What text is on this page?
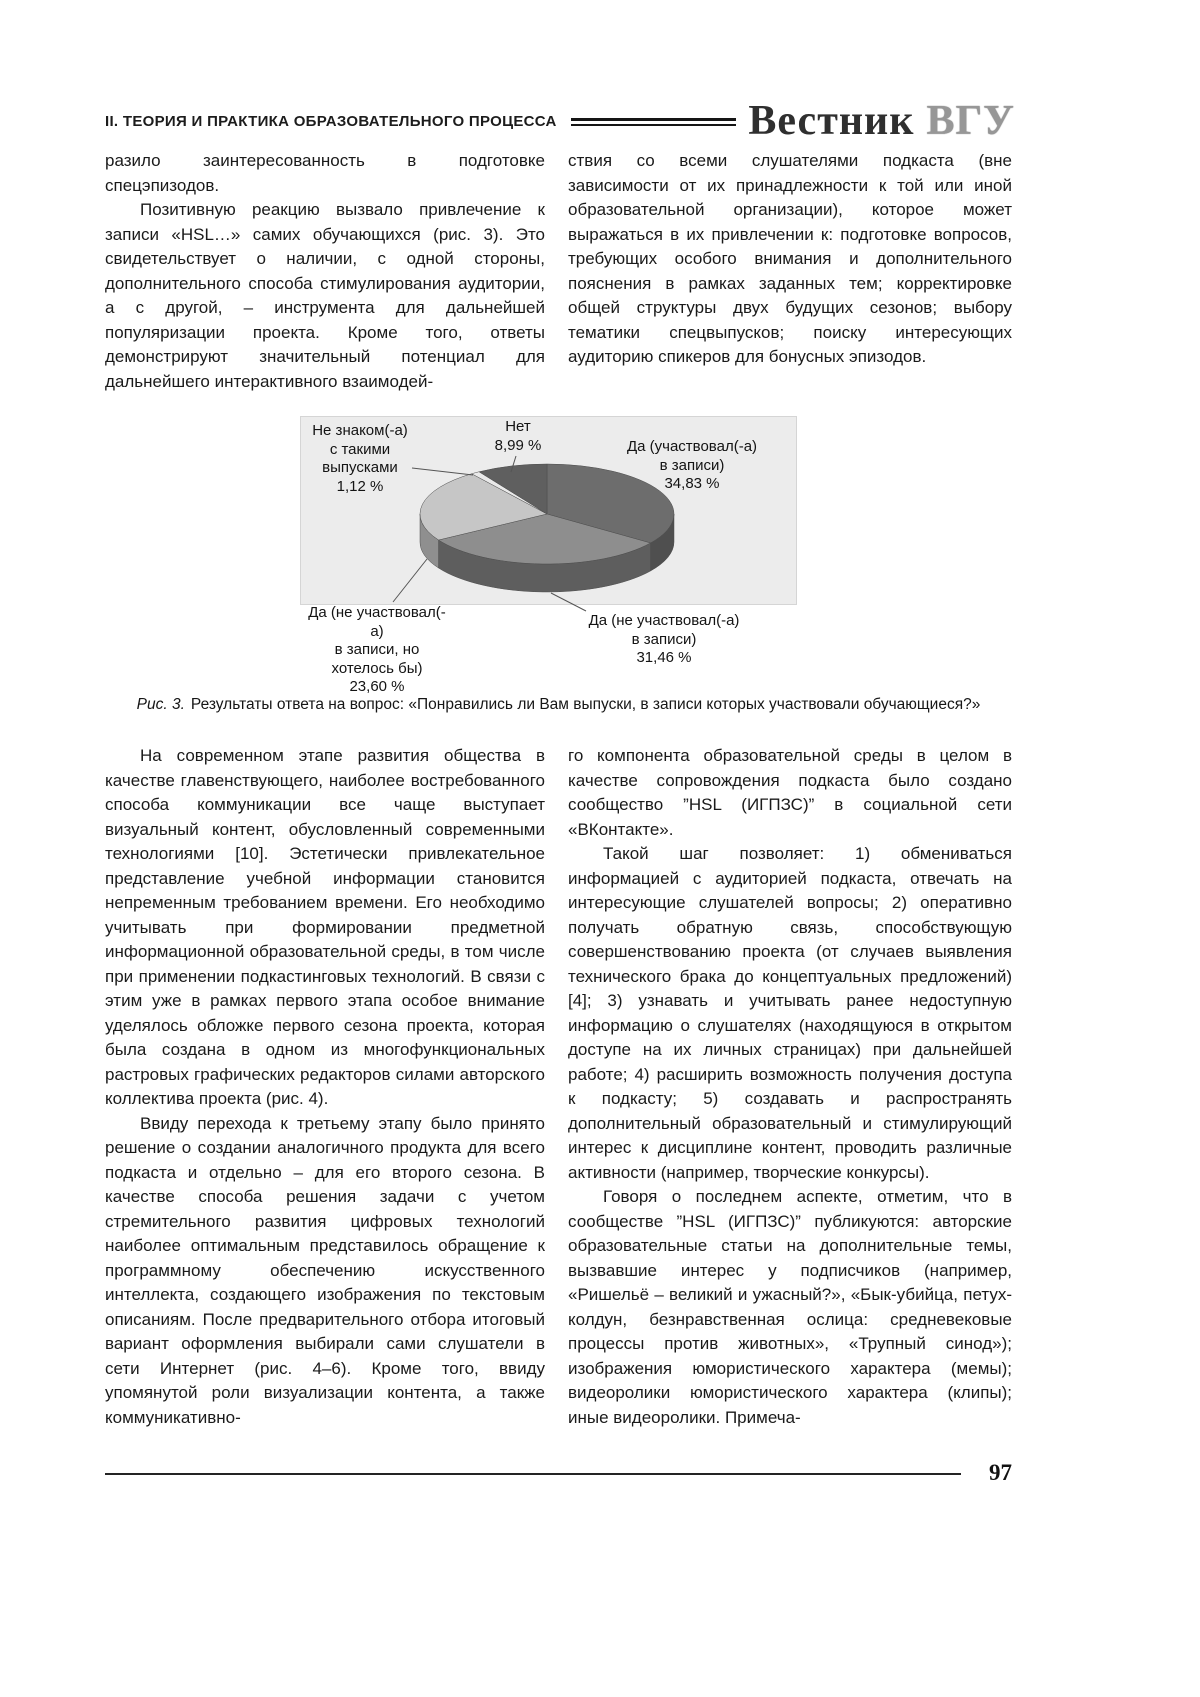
II. ТЕОРИЯ И ПРАКТИКА ОБРАЗОВАТЕЛЬНОГО ПРОЦЕССА	Вестник ВГУ

разило заинтересованность в подготовке спецэпизодов.

Позитивную реакцию вызвало привлечение к записи «HSL…» самих обучающихся (рис. 3). Это свидетельствует о наличии, с одной стороны, дополнительного способа стимулирования аудитории, а с другой, – инструмента для дальнейшей популяризации проекта. Кроме того, ответы демонстрируют значительный потенциал для дальнейшего интерактивного взаимодей-

ствия со всеми слушателями подкаста (вне зависимости от их принадлежности к той или иной образовательной организации), которое может выражаться в их привлечении к: подготовке вопросов, требующих особого внимания и дополнительного пояснения в рамках заданных тем; корректировке общей структуры двух будущих сезонов; выбору тематики спецвыпусков; поиску интересующих аудиторию спикеров для бонусных эпизодов.

Не знаком(-а)
с такими
выпусками
1,12 %
Нет
8,99 %	Да (участвовал(-а)
в записи)
34,83 %
Да (не участвовал(-а)
в записи)
31,46 %
Да (не участвовал(-а)
в записи, но
хотелось бы)
23,60 %
Рис. 3. Результаты ответа на вопрос: «Понравились ли Вам выпуски, в записи которых участвовали обучающиеся?»

На современном этапе развития общества в качестве главенствующего, наиболее востребованного способа коммуникации все чаще выступает визуальный контент, обусловленный современными технологиями [10]. Эстетически привлекательное представление учебной информации становится непременным требованием времени. Его необходимо учитывать при формировании предметной информационной образовательной среды, в том числе при применении подкастинговых технологий. В связи с этим уже в рамках первого этапа особое внимание уделялось обложке первого сезона проекта, которая была создана в одном из многофункциональных растровых графических редакторов силами авторского коллектива проекта (рис. 4).

Ввиду перехода к третьему этапу было принято решение о создании аналогичного продукта для всего подкаста и отдельно – для его второго сезона. В качестве способа решения задачи с учетом стремительного развития цифровых технологий наиболее оптимальным представилось обращение к программному обеспечению искусственного интеллекта, создающего изображения по текстовым описаниям. После предварительного отбора итоговый вариант оформления выбирали сами слушатели в сети Интернет (рис. 4–6). Кроме того, ввиду упомянутой роли визуализации контента, а также коммуникативно-

го компонента образовательной среды в целом в качестве сопровождения подкаста было создано сообщество ”HSL (ИГПЗС)” в социальной сети «ВКонтакте».

Такой шаг позволяет: 1) обмениваться информацией с аудиторией подкаста, отвечать на интересующие слушателей вопросы; 2) оперативно получать обратную связь, способствующую совершенствованию проекта (от случаев выявления технического брака до концептуальных предложений) [4]; 3) узнавать и учитывать ранее недоступную информацию о слушателях (находящуюся в открытом доступе на их личных страницах) при дальнейшей работе; 4) расширить возможность получения доступа к подкасту; 5) создавать и распространять дополнительный образовательный и стимулирующий интерес к дисциплине контент, проводить различные активности (например, творческие конкурсы).

Говоря о последнем аспекте, отметим, что в сообществе ”HSL (ИГПЗС)” публикуются: авторские образовательные статьи на дополнительные темы, вызвавшие интерес у подписчиков (например, «Ришельё – великий и ужасный?», «Бык-убийца, петух-колдун, безнравственная ослица: средневековые процессы против животных», «Трупный синод»); изображения юмористического характера (мемы); видеоролики юмористического характера (клипы); иные видеоролики. Примеча-

97
